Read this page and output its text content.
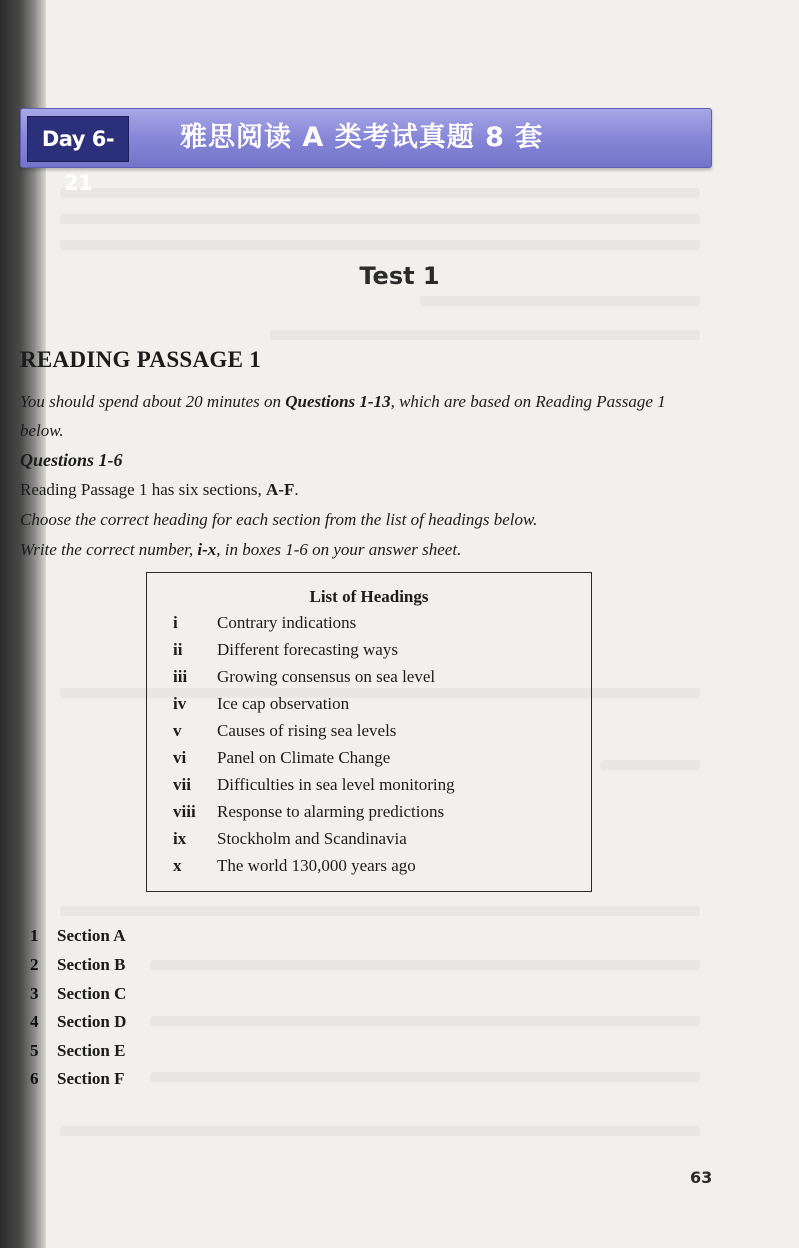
Day 6-21
雅思阅读 A 类考试真题 8 套
Test 1
READING PASSAGE 1
You should spend about 20 minutes on Questions 1-13, which are based on Reading Passage 1
below.
Questions 1-6
Reading Passage 1 has six sections, A-F.
Choose the correct heading for each section from the list of headings below.
Write the correct number, i-x, in boxes 1-6 on your answer sheet.
List of Headings
i Contrary indications
ii Different forecasting ways
iii Growing consensus on sea level
iv Ice cap observation
v Causes of rising sea levels
vi Panel on Climate Change
vii Difficulties in sea level monitoring
viii Response to alarming predictions
ix Stockholm and Scandinavia
x The world 130,000 years ago
1	Section A
2	Section B
3	Section C
4	Section D
5	Section E
6	Section F
63
